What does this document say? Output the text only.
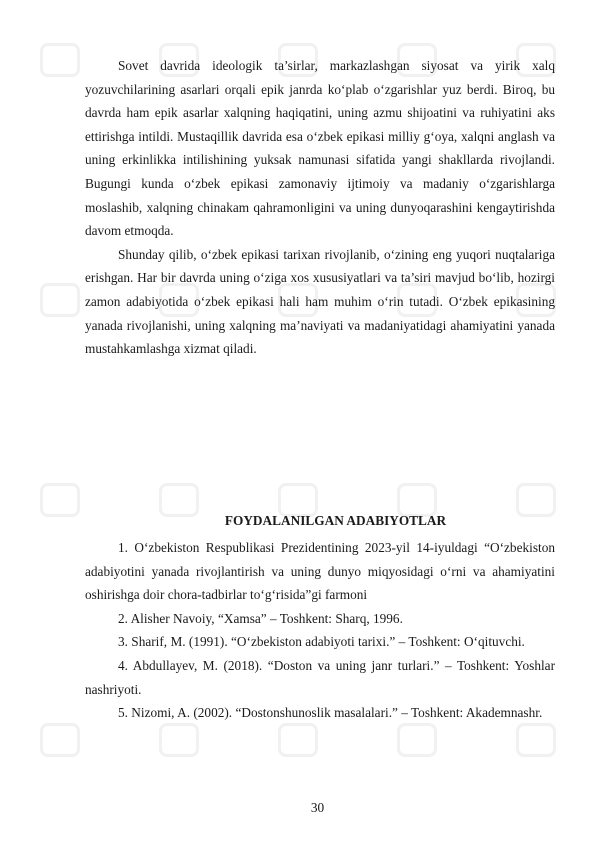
Sovet davrida ideologik ta’sirlar, markazlashgan siyosat va yirik xalq yozuvchilarining asarlari orqali epik janrda ko‘plab o‘zgarishlar yuz berdi. Biroq, bu davrda ham epik asarlar xalqning haqiqatini, uning azmu shijoatini va ruhiyatini aks ettirishga intildi. Mustaqillik davrida esa o‘zbek epikasi milliy g‘oya, xalqni anglash va uning erkinlikka intilishining yuksak namunasi sifatida yangi shakllarda rivojlandi. Bugungi kunda o‘zbek epikasi zamonaviy ijtimoiy va madaniy o‘zgarishlarga moslashib, xalqning chinakam qahramonligini va uning dunyoqarashini kengaytirishda davom etmoqda.

Shunday qilib, o‘zbek epikasi tarixan rivojlanib, o‘zining eng yuqori nuqtalariga erishgan. Har bir davrda uning o‘ziga xos xususiyatlari va ta’siri mavjud bo‘lib, hozirgi zamon adabiyotida o‘zbek epikasi hali ham muhim o‘rin tutadi. O‘zbek epikasining yanada rivojlanishi, uning xalqning ma’naviyati va madaniyatidagi ahamiyatini yanada mustahkamlashga xizmat qiladi.

FOYDALANILGAN ADABIYOTLAR

1. O‘zbekiston Respublikasi Prezidentining 2023-yil 14-iyuldagi “O‘zbekiston adabiyotini yanada rivojlantirish va uning dunyo miqyosidagi o‘rni va ahamiyatini oshirishga doir chora-tadbirlar to‘g‘risida”gi farmoni

2. Alisher Navoiy, “Xamsa” – Toshkent: Sharq, 1996.

3. Sharif, M. (1991). “O‘zbekiston adabiyoti tarixi.” – Toshkent: O‘qituvchi.

4. Abdullayev, M. (2018). “Doston va uning janr turlari.” – Toshkent: Yoshlar nashriyoti.

5. Nizomi, A. (2002). “Dostonshunoslik masalalari.” – Toshkent: Akademnashr.

30
